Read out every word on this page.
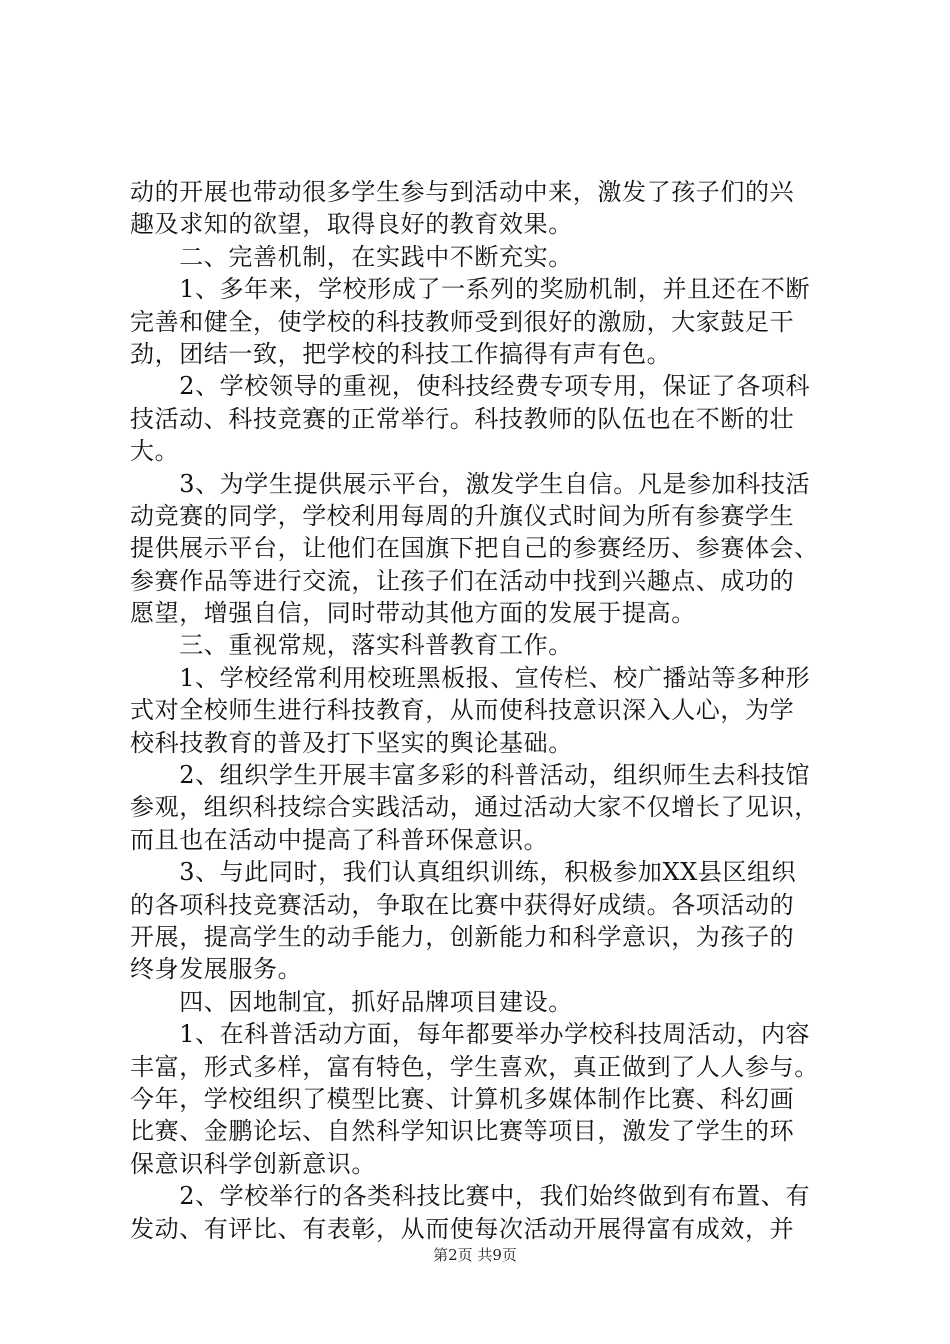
动的开展也带动很多学生参与到活动中来，激发了孩子们的兴
趣及求知的欲望，取得良好的教育效果。
　　二、完善机制，在实践中不断充实。
　　1、多年来，学校形成了一系列的奖励机制，并且还在不断
完善和健全，使学校的科技教师受到很好的激励，大家鼓足干
劲，团结一致，把学校的科技工作搞得有声有色。
　　2、学校领导的重视，使科技经费专项专用，保证了各项科
技活动、科技竞赛的正常举行。科技教师的队伍也在不断的壮
大。
　　3、为学生提供展示平台，激发学生自信。凡是参加科技活
动竞赛的同学，学校利用每周的升旗仪式时间为所有参赛学生
提供展示平台，让他们在国旗下把自己的参赛经历、参赛体会、
参赛作品等进行交流，让孩子们在活动中找到兴趣点、成功的
愿望，增强自信，同时带动其他方面的发展于提高。
　　三、重视常规，落实科普教育工作。
　　1、学校经常利用校班黑板报、宣传栏、校广播站等多种形
式对全校师生进行科技教育，从而使科技意识深入人心，为学
校科技教育的普及打下坚实的舆论基础。
　　2、组织学生开展丰富多彩的科普活动，组织师生去科技馆
参观，组织科技综合实践活动，通过活动大家不仅增长了见识，
而且也在活动中提高了科普环保意识。
　　3、与此同时，我们认真组织训练，积极参加XX县区组织
的各项科技竞赛活动，争取在比赛中获得好成绩。各项活动的
开展，提高学生的动手能力，创新能力和科学意识，为孩子的
终身发展服务。
　　四、因地制宜，抓好品牌项目建设。
　　1、在科普活动方面，每年都要举办学校科技周活动，内容
丰富，形式多样，富有特色，学生喜欢，真正做到了人人参与。
今年，学校组织了模型比赛、计算机多媒体制作比赛、科幻画
比赛、金鹏论坛、自然科学知识比赛等项目，激发了学生的环
保意识科学创新意识。
　　2、学校举行的各类科技比赛中，我们始终做到有布置、有
发动、有评比、有表彰，从而使每次活动开展得富有成效，并
第2页 共9页
